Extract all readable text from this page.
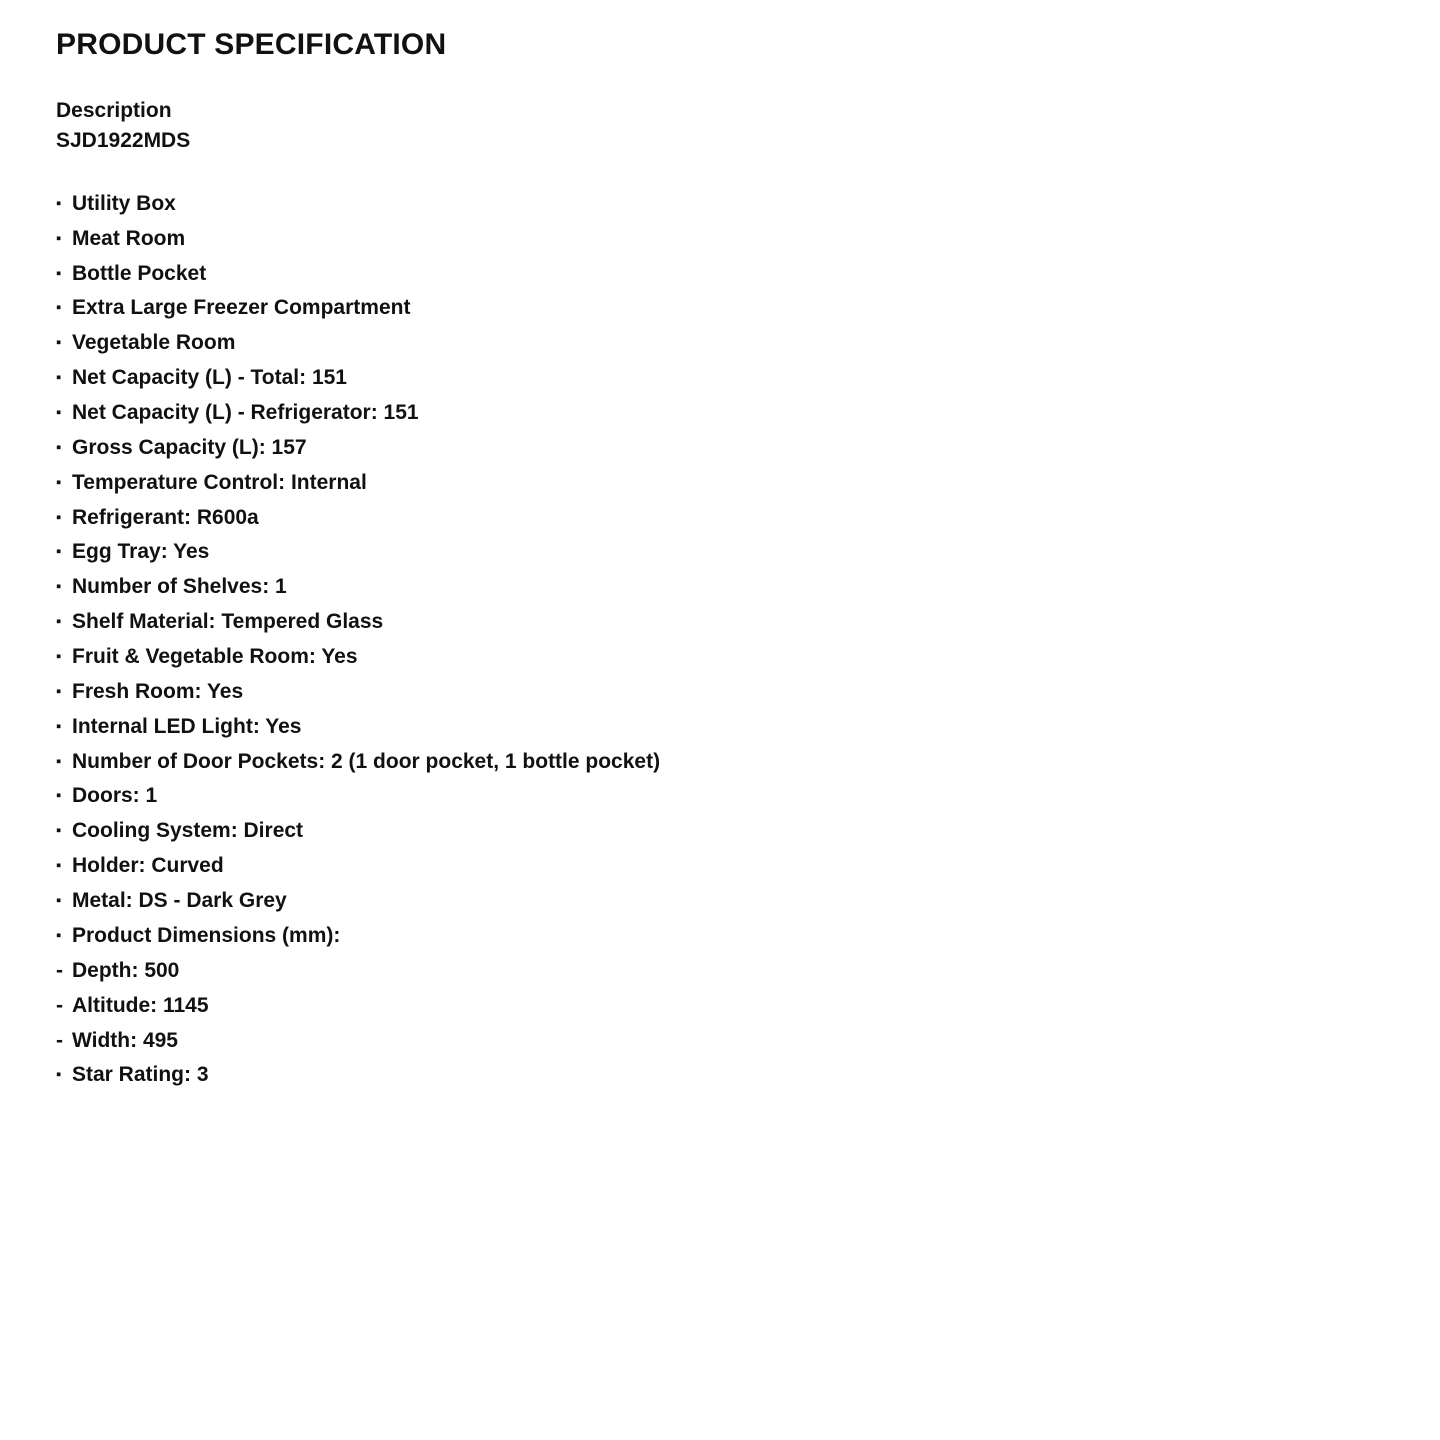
PRODUCT SPECIFICATION
Description
SJD1922MDS
▪Utility Box
▪Meat Room
▪Bottle Pocket
▪Extra Large Freezer Compartment
▪Vegetable Room
▪Net Capacity (L) - Total: 151
▪Net Capacity (L) - Refrigerator: 151
▪Gross Capacity (L): 157
▪Temperature Control: Internal
▪Refrigerant: R600a
▪Egg Tray: Yes
▪Number of Shelves: 1
▪Shelf Material: Tempered Glass
▪Fruit & Vegetable Room: Yes
▪Fresh Room: Yes
▪Internal LED Light: Yes
▪Number of Door Pockets: 2 (1 door pocket, 1 bottle pocket)
▪Doors: 1
▪Cooling System: Direct
▪Holder: Curved
▪Metal: DS - Dark Grey
▪Product Dimensions (mm):
-Depth: 500
-Altitude: 1145
-Width: 495
▪Star Rating: 3
